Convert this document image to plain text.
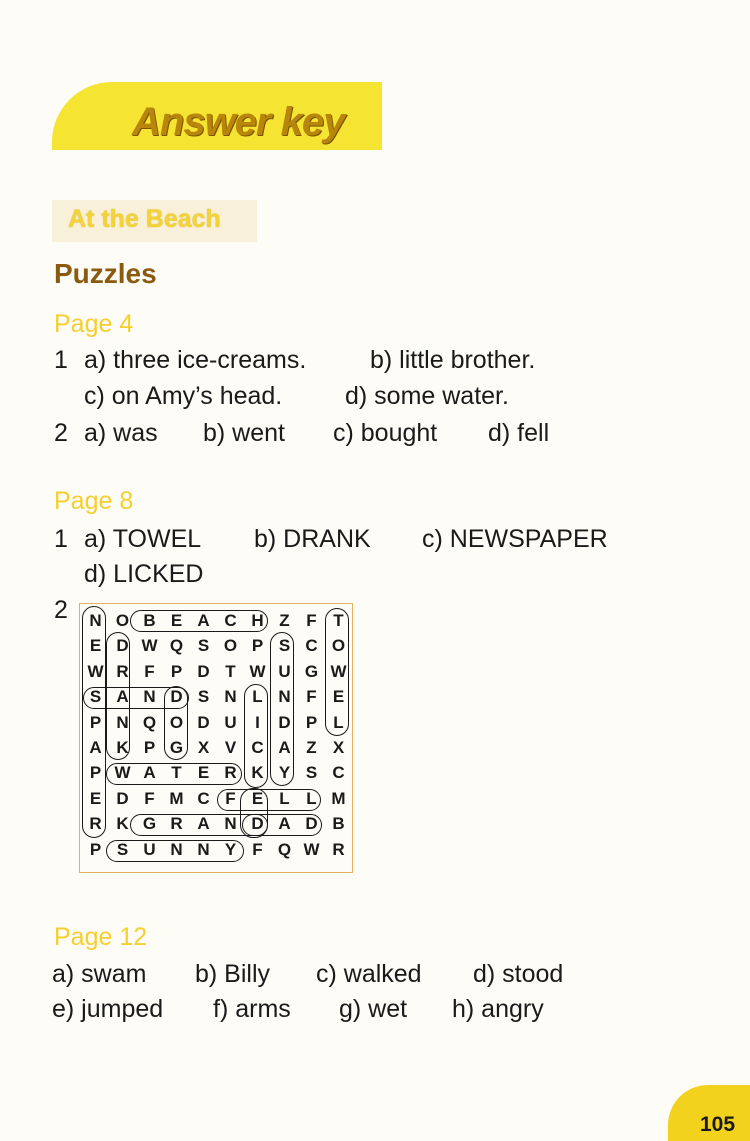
Answer key
At the Beach
Puzzles
Page 4
1 a) three ice-creams.	b) little brother.
c) on Amy’s head.	d) some water.
2 a) was b) went c) bought d) fell
Page 8
1 a) TOWEL b) DRANK c) NEWSPAPER
d) LICKED
2	N O B E A C H Z F T
E D W Q S O P S C O
W R F P D T W U G W
S A N D S N L N F E
P N Q O D U	I	D P L
A K P G X V C A Z X
P W A T E R K Y S C
E D F M C F E L L M
R K G R A N D A D B
P S U N N Y F Q W R
Page 12
a) swam b) Billy c) walked d) stood
e) jumped f) arms g) wet h) angry
105
